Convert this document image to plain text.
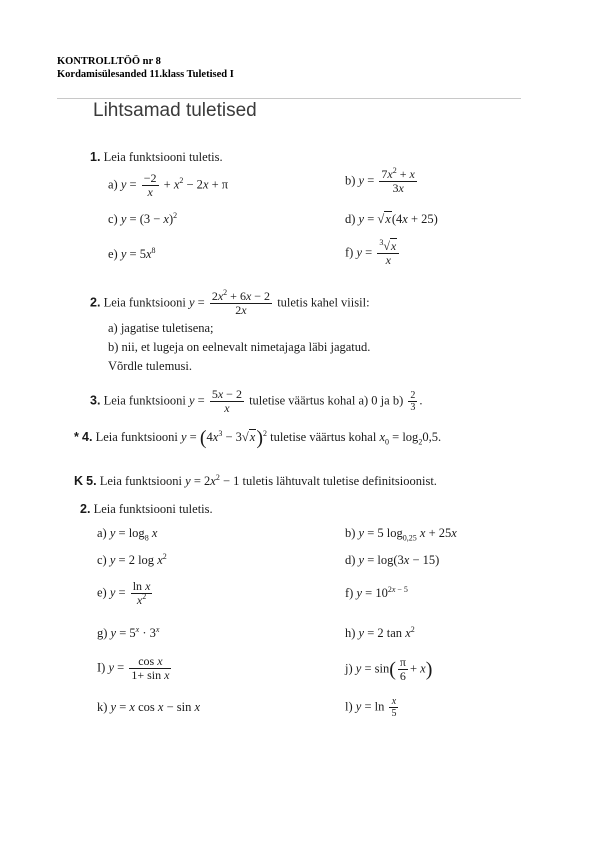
KONTROLLTÖÖ nr 8
Kordamisülesanded 11.klass Tuletised I
Lihtsamad tuletised
1. Leia funktsiooni tuletis.
a) $y = \frac{-2}{x} + x^2 - 2x + \pi$	b) $y = \frac{7x^2 + x}{3x}$
c) $y = (3 - x)^2$	d) y = √x(4x + 25)
e) $y = 5x^8$	f) $y = \frac{^3√x}{x}$
2. Leia funktsiooni $y = \frac{2x^2 + 6x - 2}{2x}$ tuletis kahel viisil:
a) jagatise tuletisena;
b) nii, et lugeja on eelnevalt nimetajaga läbi jagatud.
Võrdle tulemusi.
3. Leia funktsiooni $y = \frac{5x - 2}{x}$ tuletise väärtus kohal a) 0 ja $b) \frac{2}{3}$ .
* 4. Leia funktsiooni $y = (4x^3 - 3√x)^2$ tuletise väärtus kohal $x_0 = \log_20,5$.
K 5. Leia funktsiooni $y = 2x^2 - 1$ tuletis lähtuvalt tuletise definitsioonist.
2. Leia funktsiooni tuletis.
a) $y = \log_8 x$	b) y = 5 $\log_{0,25} x + 25x$
c) y = 2 $\log x^2$	d) y = log(3x − 15)
e) $y = \frac{\text{ln x}}{x^2}$	f) $y = 10^{2x - 5}$
g) $y = 5^x \cdot 3^x$	h) y = 2 $\tan x^2$
I) $y = \frac{\text{cos x}}{\text{1+ sin x}}$	j) $y = \sin( \frac{\pi}{6} + x)$
k) y = x cos x − sin x	l) $y = \ln \frac{x}{5}$
